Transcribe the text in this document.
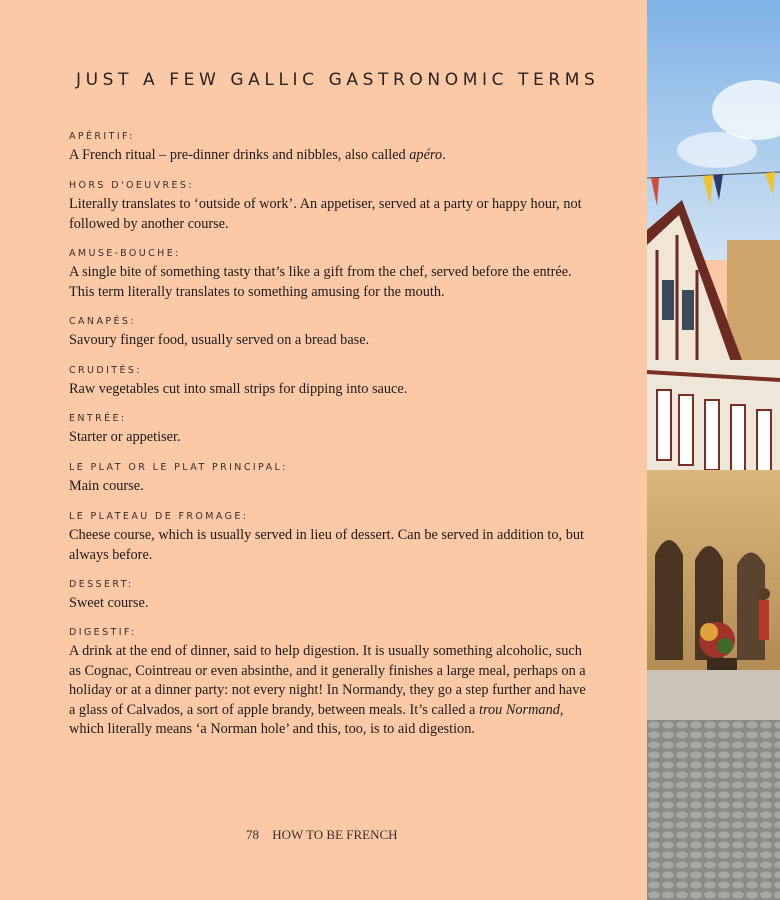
JUST A FEW GALLIC GASTRONOMIC TERMS
APÉRITIF:
A French ritual – pre-dinner drinks and nibbles, also called apéro.
HORS D'OEUVRES:
Literally translates to ‘outside of work’. An appetiser, served at a party or happy hour, not followed by another course.
AMUSE-BOUCHE:
A single bite of something tasty that’s like a gift from the chef, served before the entrée. This term literally translates to something amusing for the mouth.
CANAPÉS:
Savoury finger food, usually served on a bread base.
CRUDITÉS:
Raw vegetables cut into small strips for dipping into sauce.
ENTRÉE:
Starter or appetiser.
LE PLAT OR LE PLAT PRINCIPAL:
Main course.
LE PLATEAU DE FROMAGE:
Cheese course, which is usually served in lieu of dessert. Can be served in addition to, but always before.
DESSERT:
Sweet course.
DIGESTIF:
A drink at the end of dinner, said to help digestion. It is usually something alcoholic, such as Cognac, Cointreau or even absinthe, and it generally finishes a large meal, perhaps on a holiday or at a dinner party: not every night! In Normandy, they go a step further and have a glass of Calvados, a sort of apple brandy, between meals. It’s called a trou Normand, which literally means ‘a Norman hole’ and this, too, is to aid digestion.
78 HOW TO BE FRENCH
